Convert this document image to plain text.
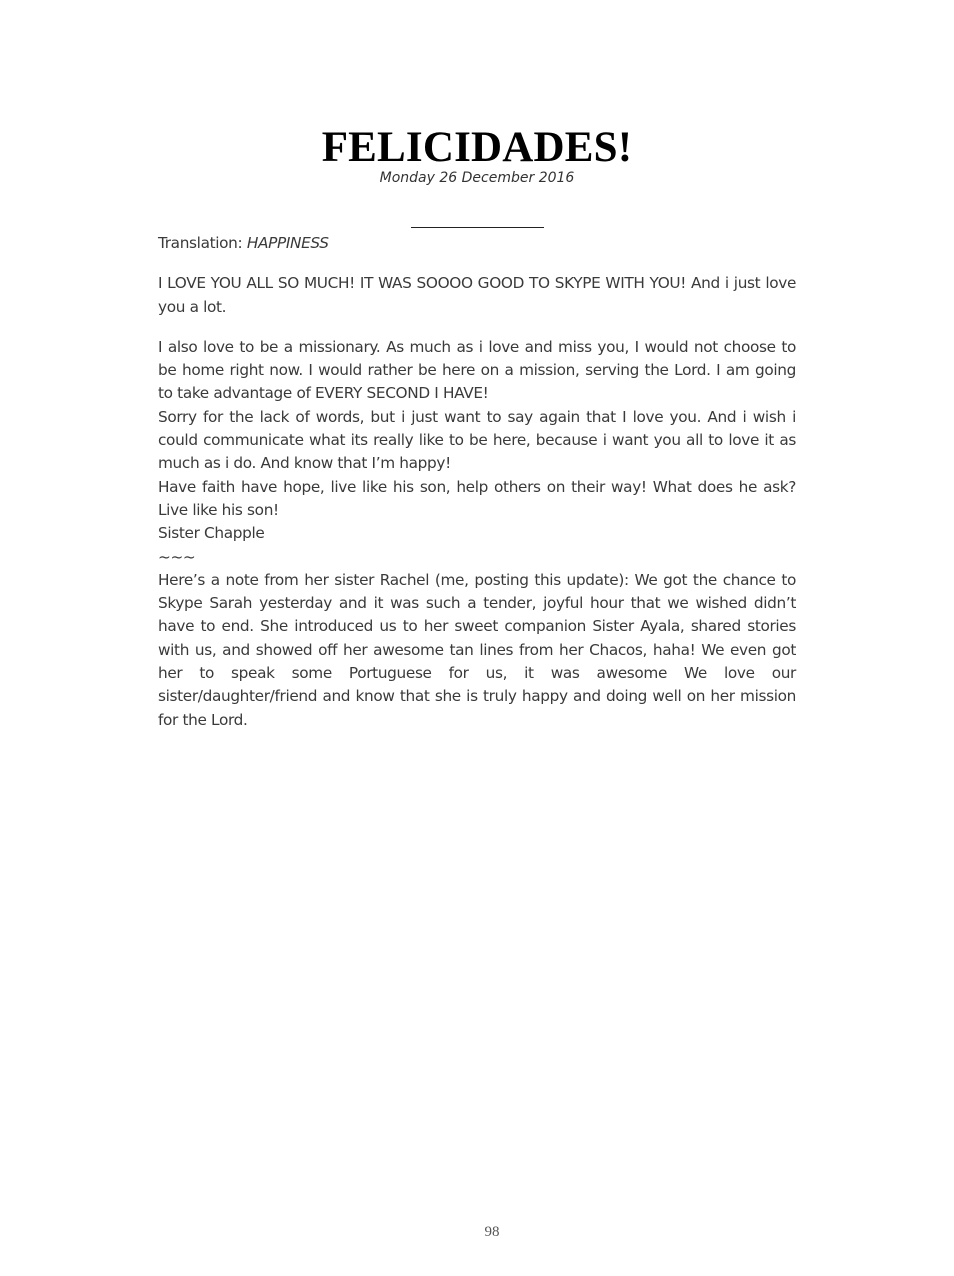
FELICIDADES!
Monday 26 December 2016

Translation: HAPPINESS

I LOVE YOU ALL SO MUCH! IT WAS SOOOO GOOD TO SKYPE WITH YOU! And i just love you a lot.

I also love to be a missionary. As much as i love and miss you, I would not choose to be home right now. I would rather be here on a mission, serving the Lord. I am going to take advantage of EVERY SECOND I HAVE!

Sorry for the lack of words, but i just want to say again that I love you. And i wish i could communicate what its really like to be here, because i want you all to love it as much as i do. And know that I’m happy!

Have faith have hope, live like his son, help others on their way! What does he ask? Live like his son!

Sister Chapple

~~~

Here’s a note from her sister Rachel (me, posting this update): We got the chance to Skype Sarah yesterday and it was such a tender, joyful hour that we wished didn’t have to end. She introduced us to her sweet companion Sister Ayala, shared stories with us, and showed off her awesome tan lines from her Chacos, haha! We even got her to speak some Portuguese for us, it was awesome We love our sister/daughter/friend and know that she is truly happy and doing well on her mission for the Lord.

98
